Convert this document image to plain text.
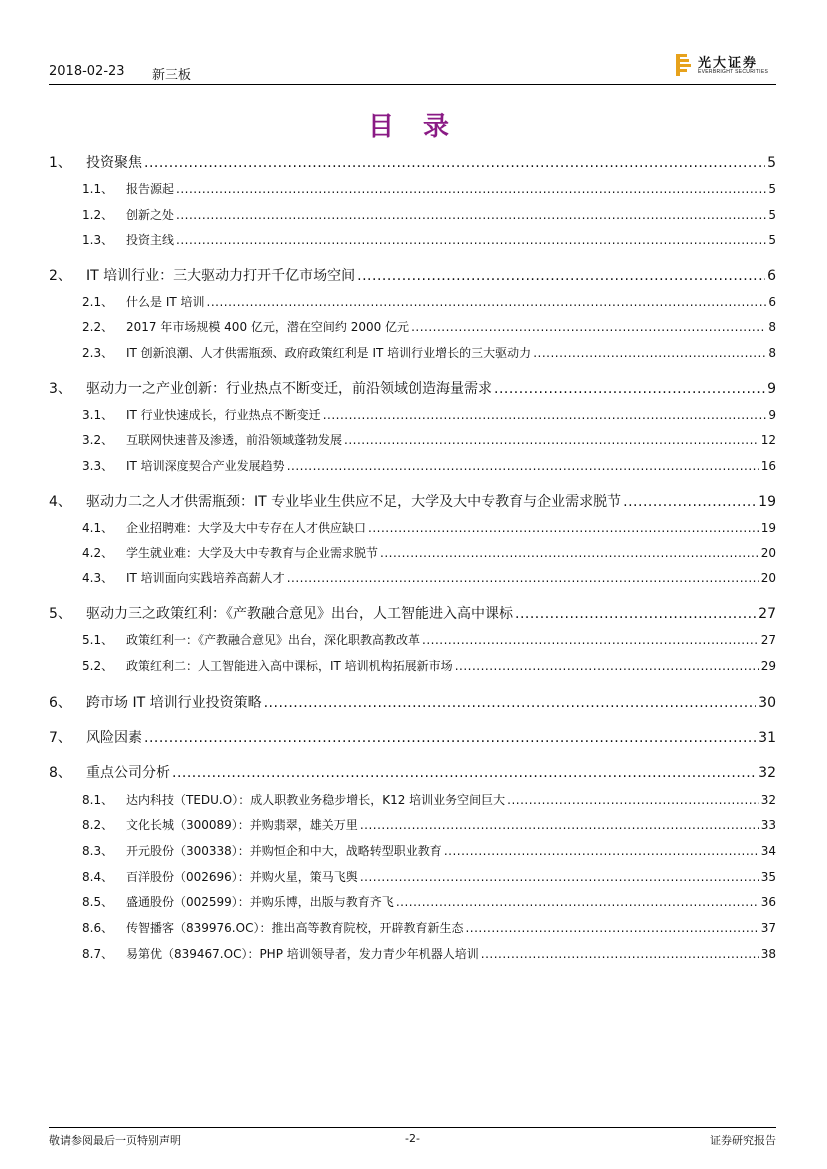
2018-02-23 新三板
光大证券
EVERBRIGHT SECURITIES
目 录
1、	投资聚焦 .....	5
1.1、	报告源起 .....	5
1.2、	创新之处 .....	5
1.3、	投资主线 .....	5
2、	IT 培训行业：三大驱动力打开千亿市场空间 .....	6
2.1、	什么是 IT 培训 .....	6
2.2、	2017 年市场规模 400 亿元，潜在空间约 2000 亿元 .....	8
2.3、	IT 创新浪潮、人才供需瓶颈、政府政策红利是 IT 培训行业增长的三大驱动力 .....	8
3、	驱动力一之产业创新：行业热点不断变迁，前沿领域创造海量需求 .....	9
3.1、	IT 行业快速成长，行业热点不断变迁 .....	9
3.2、	互联网快速普及渗透，前沿领域蓬勃发展 .....	12
3.3、	IT 培训深度契合产业发展趋势 .....	16
4、	驱动力二之人才供需瓶颈：IT 专业毕业生供应不足，大学及大中专教育与企业需求脱节 .....	19
4.1、	企业招聘难：大学及大中专存在人才供应缺口 .....	19
4.2、	学生就业难：大学及大中专教育与企业需求脱节 .....	20
4.3、	IT 培训面向实践培养高薪人才 .....	20
5、	驱动力三之政策红利：《产教融合意见》出台，人工智能进入高中课标 .....	27
5.1、	政策红利一：《产教融合意见》出台，深化职教高教改革 .....	27
5.2、	政策红利二：人工智能进入高中课标，IT 培训机构拓展新市场 .....	29
6、	跨市场 IT 培训行业投资策略 .....	30
7、	风险因素 .....	31
8、	重点公司分析 .....	32
8.1、	达内科技（TEDU.O）：成人职教业务稳步增长，K12 培训业务空间巨大 .....	32
8.2、	文化长城（300089）：并购翡翠，雄关万里 .....	33
8.3、	开元股份（300338）：并购恒企和中大，战略转型职业教育 .....	34
8.4、	百洋股份（002696）：并购火星，策马飞舆 .....	35
8.5、	盛通股份（002599）：并购乐博，出版与教育齐飞 .....	36
8.6、	传智播客（839976.OC）：推出高等教育院校，开辟教育新生态 .....	37
8.7、	易第优（839467.OC）：PHP 培训领导者，发力青少年机器人培训 .....	38
敬请参阅最后一页特别声明	-2-	证券研究报告
